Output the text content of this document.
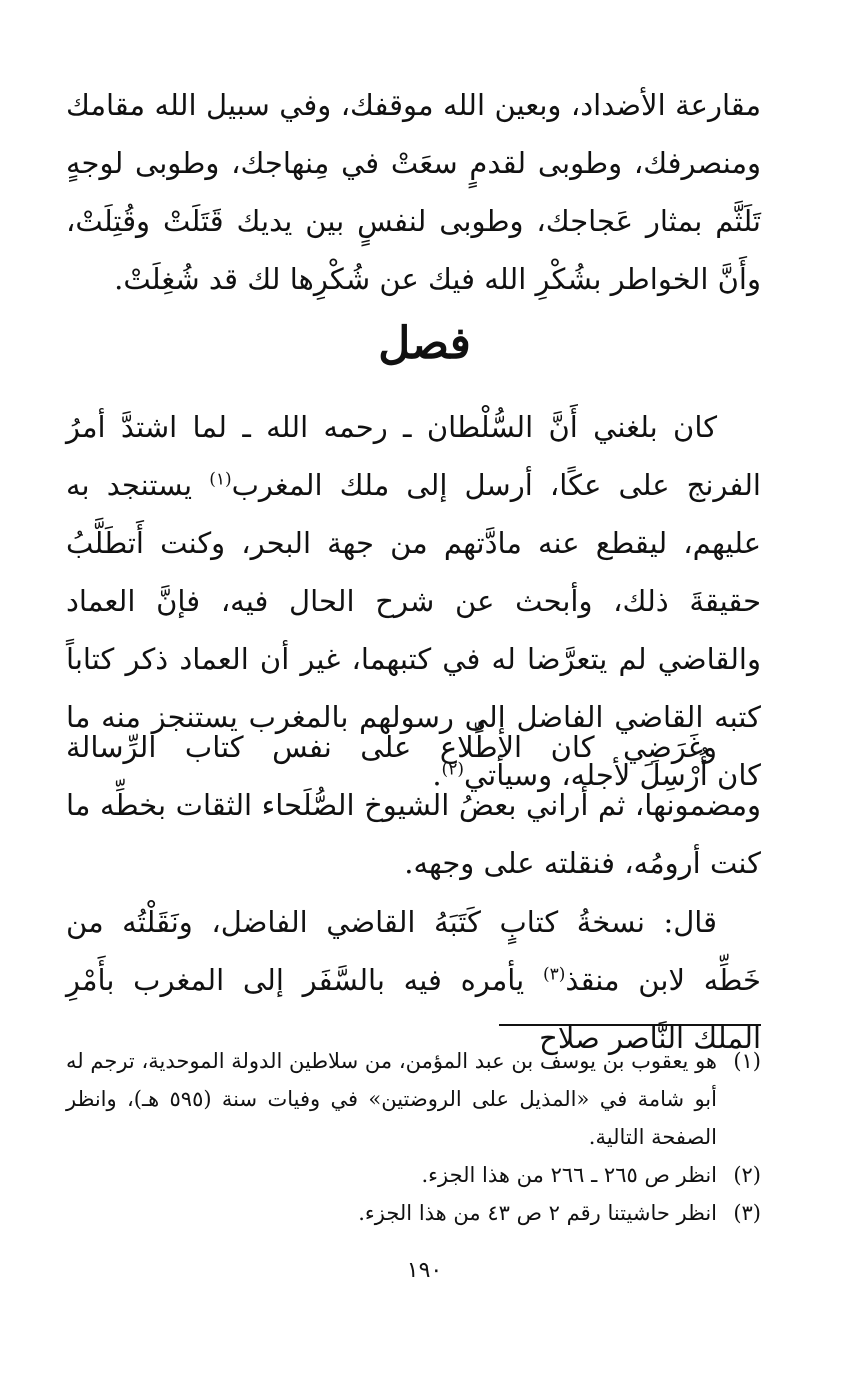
مقارعة الأضداد، وبعين الله موقفك، وفي سبيل الله مقامك ومنصرفك، وطوبى لقدمٍ سعَتْ في مِنهاجك، وطوبى لوجهٍ تَلَثَّم بمثار عَجاجك، وطوبى لنفسٍ بين يديك قَتَلَتْ وقُتِلَتْ، وأَنَّ الخواطر بشُكْرِ الله فيك عن شُكْرِها لك قد شُغِلَتْ.

فصل

كان بلغني أَنَّ السُّلْطان ـ رحمه الله ـ لما اشتدَّ أمرُ الفرنج على عكًا، أرسل إلى ملك المغرب$^{(١)}$ يستنجد به عليهم، ليقطع عنه مادَّتهم من جهة البحر، وكنت أَتطَلَّبُ حقيقةَ ذلك، وأبحث عن شرح الحال فيه، فإنَّ العماد والقاضي لم يتعرَّضا له في كتبهما، غير أن العماد ذكر كتاباً كتبه القاضي الفاضل إلى رسولهم بالمغرب يستنجز منه ما كان أُرْسِلَ لأجله، وسيأتي$^{(٢)}$.

وغَرَضِي كان الاطِّلاع على نفس كتاب الرِّسالة ومضمونها، ثم أراني بعضُ الشيوخ الصُّلَحاء الثقات بخطِّه ما كنت أرومُه، فنقلته على وجهه.

قال: نسخةُ كتابٍ كَتَبَهُ القاضي الفاضل، ونَقَلْتُه من خَطِّه لابن منقذ$^{(٣)}$ يأمره فيه بالسَّفَر إلى المغرب بأَمْرِ الملك النَّاصر صلاح

(١)
هو يعقوب بن يوسف بن عبد المؤمن، من سلاطين الدولة الموحدية، ترجم له أبو شامة في «المذيل على الروضتين» في وفيات سنة (٥٩٥ هـ)، وانظر الصفحة التالية.
(٢)
انظر ص ٢٦٥ ـ ٢٦٦ من هذا الجزء.
(٣)
انظر حاشيتنا رقم ٢ ص ٤٣ من هذا الجزء.
١٩٠
